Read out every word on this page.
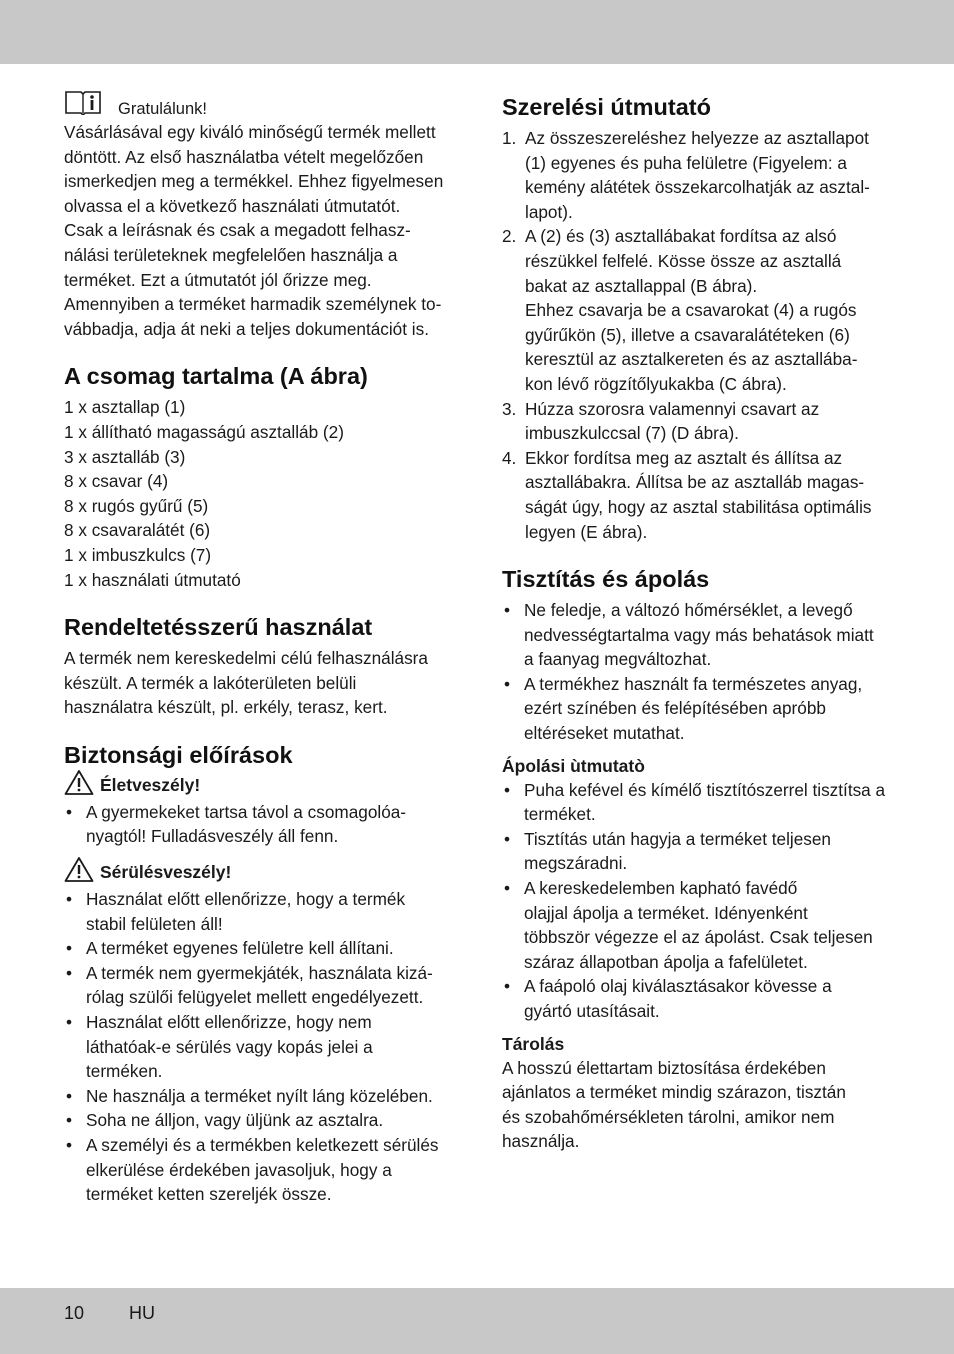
Gratulálunk!

Vásárlásával egy kiváló minőségű termék mellett

döntött. Az első használatba vételt megelőzően

ismerkedjen meg a termékkel. Ehhez figyelmesen

olvassa el a következő használati útmutatót.

Csak a leírásnak és csak a megadott felhasz-

nálási területeknek megfelelően használja a

terméket. Ezt a útmutatót jól őrizze meg.

Amennyiben a terméket harmadik személynek to-

vábbadja, adja át neki a teljes dokumentációt is.

A csomag tartalma (A ábra)

1 x asztallap (1)

1 x állítható magasságú asztalláb (2)

3 x asztalláb (3)

8 x csavar (4)

8 x rugós gyűrű (5)

8 x csavaralátét (6)

1 x imbuszkulcs (7)

1 x használati útmutató

Rendeltetésszerű használat

A termék nem kereskedelmi célú felhasználásra

készült. A termék a lakóterületen belüli

használatra készült, pl. erkély, terasz, kert.

Biztonsági előírások
Életveszély!
• A gyermekeket tartsa távol a csomagolóa-
nyagtól! Fulladásveszély áll fenn.
Sérülésveszély!
• Használat előtt ellenőrizze, hogy a termék
stabil felületen áll!
• A terméket egyenes felületre kell állítani.
• A termék nem gyermekjáték, használata kizá-
rólag szülői felügyelet mellett engedélyezett.
• Használat előtt ellenőrizze, hogy nem
láthatóak-e sérülés vagy kopás jelei a
terméken.
• Ne használja a terméket nyílt láng közelében.
• Soha ne álljon, vagy üljünk az asztalra.
• A személyi és a termékben keletkezett sérülés
elkerülése érdekében javasoljuk, hogy a
terméket ketten szereljék össze.
Szerelési útmutató
1. Az összeszereléshez helyezze az asztallapot
(1) egyenes és puha felületre (Figyelem: a
kemény alátétek összekarcolhatják az asztal-
lapot).
2. A (2) és (3) asztallábakat fordítsa az alsó
részükkel felfelé. Kösse össze az asztallá
bakat az asztallappal (B ábra).
Ehhez csavarja be a csavarokat (4) a rugós
gyűrűkön (5), illetve a csavaralátéteken (6)
keresztül az asztalkereten és az asztallába-
kon lévő rögzítőlyukakba (C ábra).
3. Húzza szorosra valamennyi csavart az
imbuszkulccsal (7) (D ábra).
4. Ekkor fordítsa meg az asztalt és állítsa az
asztallábakra. Állítsa be az asztalláb magas-
ságát úgy, hogy az asztal stabilitása optimális
legyen (E ábra).
Tisztítás és ápolás
• Ne feledje, a változó hőmérséklet, a levegő
nedvességtartalma vagy más behatások miatt
a faanyag megváltozhat.
• A termékhez használt fa természetes anyag,
ezért színében és felépítésében apróbb
eltéréseket mutathat.
Ápolási ùtmutatò
• Puha kefével és kímélő tisztítószerrel tisztítsa a
terméket.
• Tisztítás után hagyja a terméket teljesen
megszáradni.
• A kereskedelemben kapható favédő
olajjal ápolja a terméket. Idényenként
többször végezze el az ápolást. Csak teljesen
száraz állapotban ápolja a fafelületet.
• A faápoló olaj kiválasztásakor kövesse a
gyártó utasításait.
Tárolás

A hosszú élettartam biztosítása érdekében

ajánlatos a terméket mindig szárazon, tisztán

és szobahőmérsékleten tárolni, amikor nem

használja.

10 HU
